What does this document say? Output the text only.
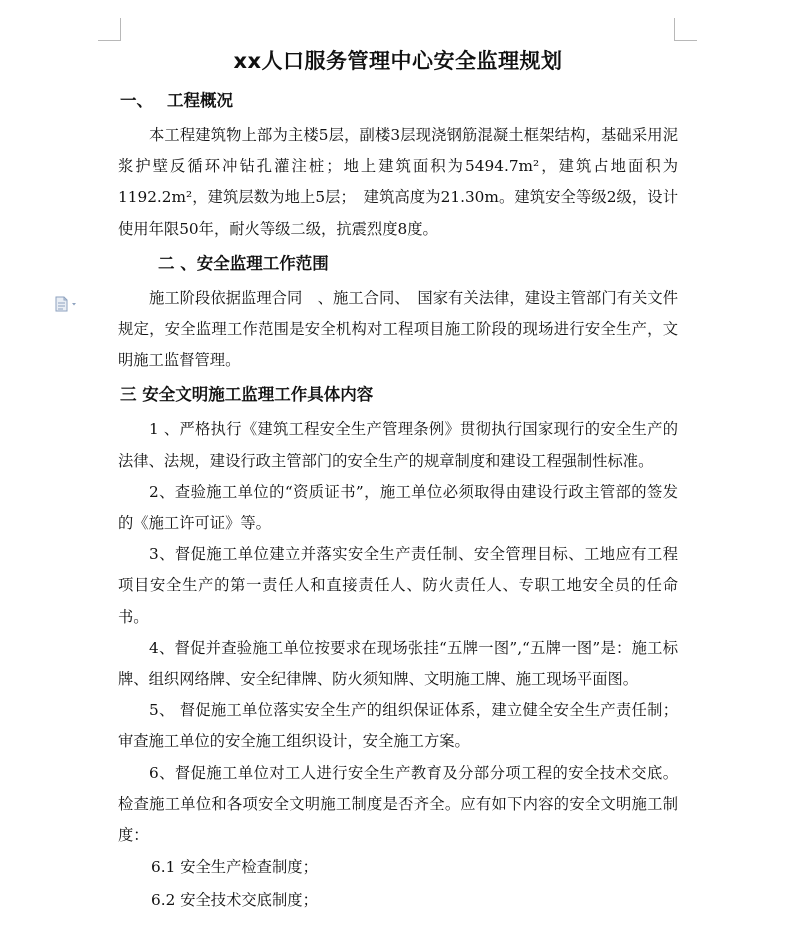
xx人口服务管理中心安全监理规划
一、 工程概况

本工程建筑物上部为主楼5层，副楼3层现浇钢筋混凝土框架结构，基础采用泥浆护壁反循环冲钻孔灌注桩；地上建筑面积为5494.7m²，建筑占地面积为1192.2m²，建筑层数为地上5层；　建筑高度为21.30m。建筑安全等级2级，设计使用年限50年，耐火等级二级，抗震烈度8度。

二 、安全监理工作范围

施工阶段依据监理合同　、施工合同、　国家有关法律，建设主管部门有关文件规定，安全监理工作范围是安全机构对工程项目施工阶段的现场进行安全生产，文明施工监督管理。

三 安全文明施工监理工作具体内容

1 、严格执行《建筑工程安全生产管理条例》贯彻执行国家现行的安全生产的法律、法规，建设行政主管部门的安全生产的规章制度和建设工程强制性标准。

2、查验施工单位的“资质证书”，施工单位必须取得由建设行政主管部的签发的《施工许可证》等。

3、督促施工单位建立并落实安全生产责任制、安全管理目标、工地应有工程项目安全生产的第一责任人和直接责任人、防火责任人、专职工地安全员的任命书。

4、督促并查验施工单位按要求在现场张挂“五牌一图”,“五牌一图”是：施工标牌、组织网络牌、安全纪律牌、防火须知牌、文明施工牌、施工现场平面图。

5、 督促施工单位落实安全生产的组织保证体系，建立健全安全生产责任制；审查施工单位的安全施工组织设计，安全施工方案。

6、督促施工单位对工人进行安全生产教育及分部分项工程的安全技术交底。检查施工单位和各项安全文明施工制度是否齐全。应有如下内容的安全文明施工制度：

6.1 安全生产检查制度；

6.2 安全技术交底制度；
